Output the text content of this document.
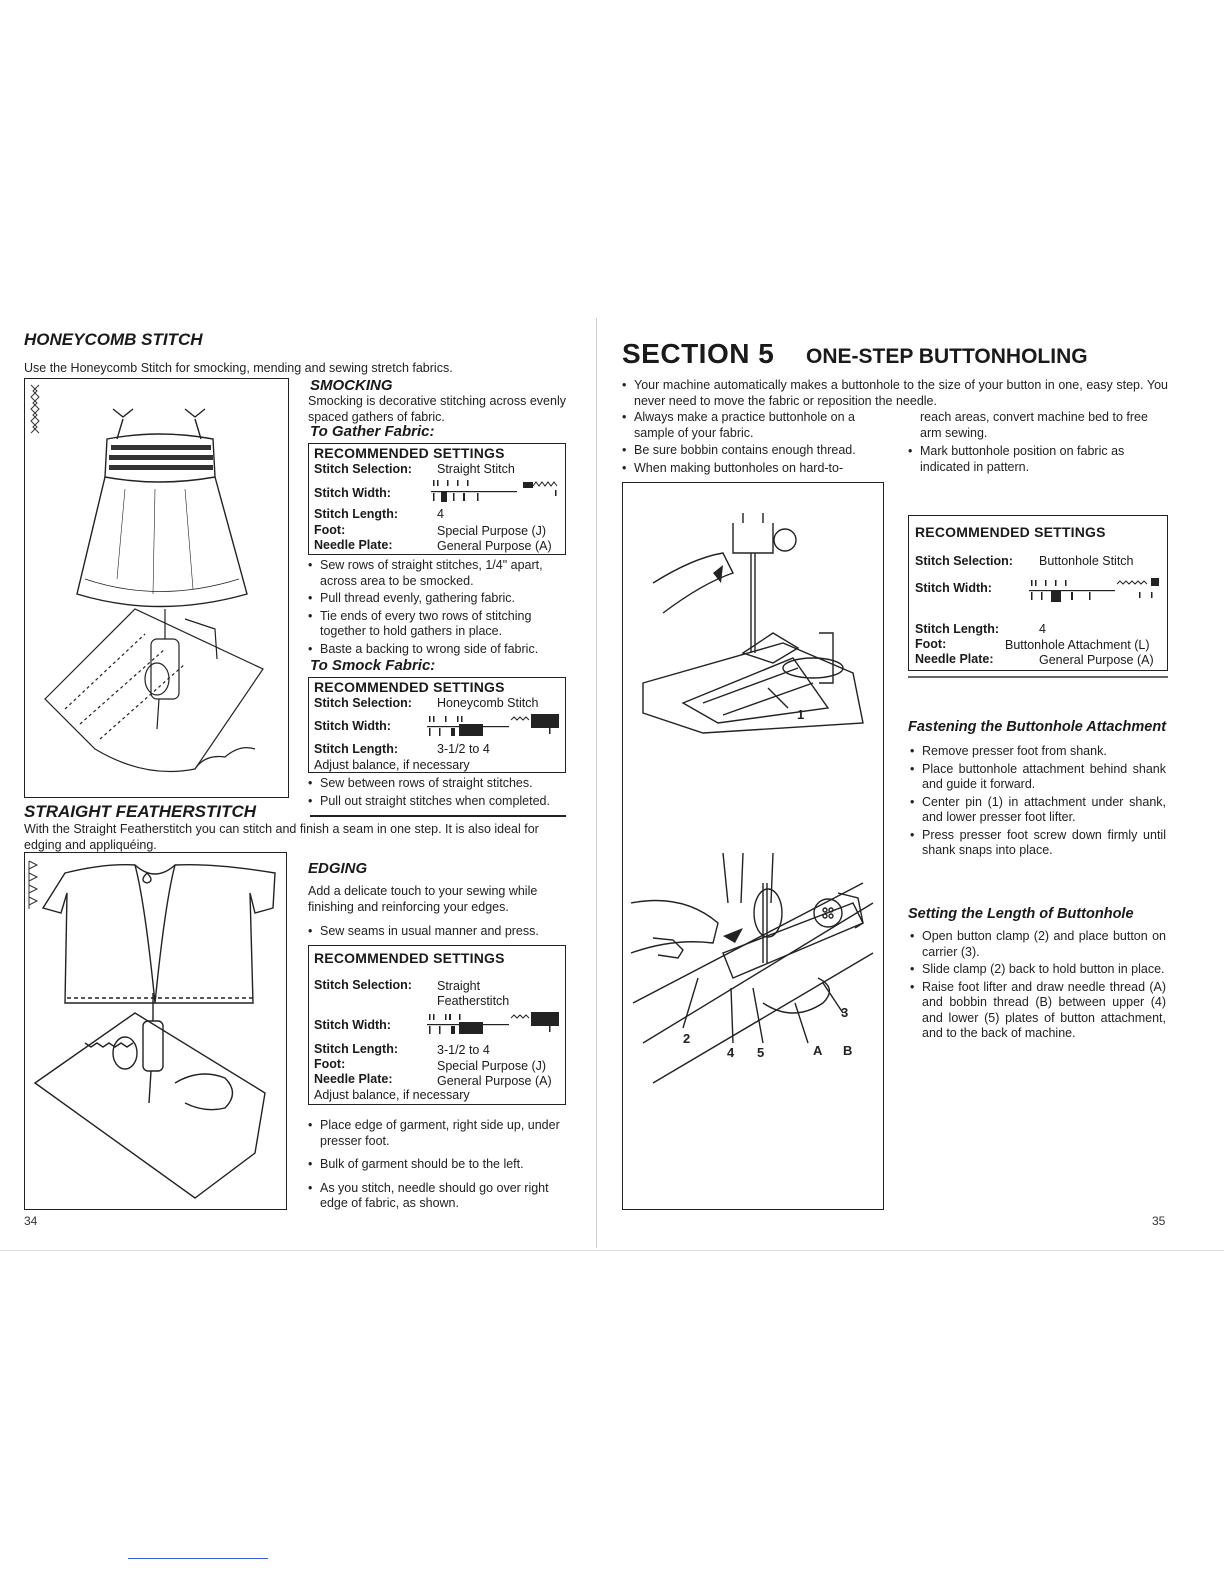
HONEYCOMB STITCH
Use the Honeycomb Stitch for smocking, mending and sewing stretch fabrics.
SMOCKING
Smocking is decorative stitching across evenly spaced gathers of fabric.
To Gather Fabric:
RECOMMENDED SETTINGS
Stitch Selection: Straight Stitch
Stitch Width:
Stitch Length:	4
Foot:	Special Purpose (J)
Needle Plate:	General Purpose (A)
• Sew rows of straight stitches, 1/4" apart, across area to be smocked.
• Pull thread evenly, gathering fabric.
• Tie ends of every two rows of stitching together to hold gathers in place.
• Baste a backing to wrong side of fabric.
To Smock Fabric:
RECOMMENDED SETTINGS
Stitch Selection: Honeycomb Stitch
Stitch Width:
Stitch Length:	3-1/2 to 4
Adjust balance, if necessary
• Sew between rows of straight stitches.
• Pull out straight stitches when completed.
STRAIGHT FEATHERSTITCH
With the Straight Featherstitch you can stitch and finish a seam in one step. It is also ideal for edging and appliquéing.
EDGING
Add a delicate touch to your sewing while finishing and reinforcing your edges.
• Sew seams in usual manner and press.
RECOMMENDED SETTINGS
Stitch Selection: Straight
Featherstitch
Stitch Width:
Stitch Length:	3-1/2 to 4
Foot:	Special Purpose (J)
Needle Plate:	General Purpose (A)
Adjust balance, if necessary
• Place edge of garment, right side up, under presser foot.
• Bulk of garment should be to the left.
• As you stitch, needle should go over right edge of fabric, as shown.
34
SECTION 5 ONE-STEP BUTTONHOLING
• Your machine automatically makes a buttonhole to the size of your button in one, easy step. You never need to move the fabric or reposition the needle.
• Always make a practice buttonhole on a sample of your fabric.
• Be sure bobbin contains enough thread.
• When making buttonholes on hard-to-
reach areas, convert machine bed to free arm sewing.
• Mark buttonhole position on fabric as indicated in pattern.
1
2
3
4 5	A B
RECOMMENDED SETTINGS
Stitch Selection: Buttonhole Stitch
Stitch Width:
Stitch Length:	4
Foot:	Buttonhole Attachment (L)
Needle Plate:	General Purpose (A)
Fastening the Buttonhole Attachment
• Remove presser foot from shank.
• Place buttonhole attachment behind shank and guide it forward.
• Center pin (1) in attachment under shank, and lower presser foot lifter.
• Press presser foot screw down firmly until shank snaps into place.
Setting the Length of Buttonhole
• Open button clamp (2) and place button on carrier (3).
• Slide clamp (2) back to hold button in place.
• Raise foot lifter and draw needle thread (A) and bobbin thread (B) between upper (4) and lower (5) plates of button attachment, and to the back of machine.
35
